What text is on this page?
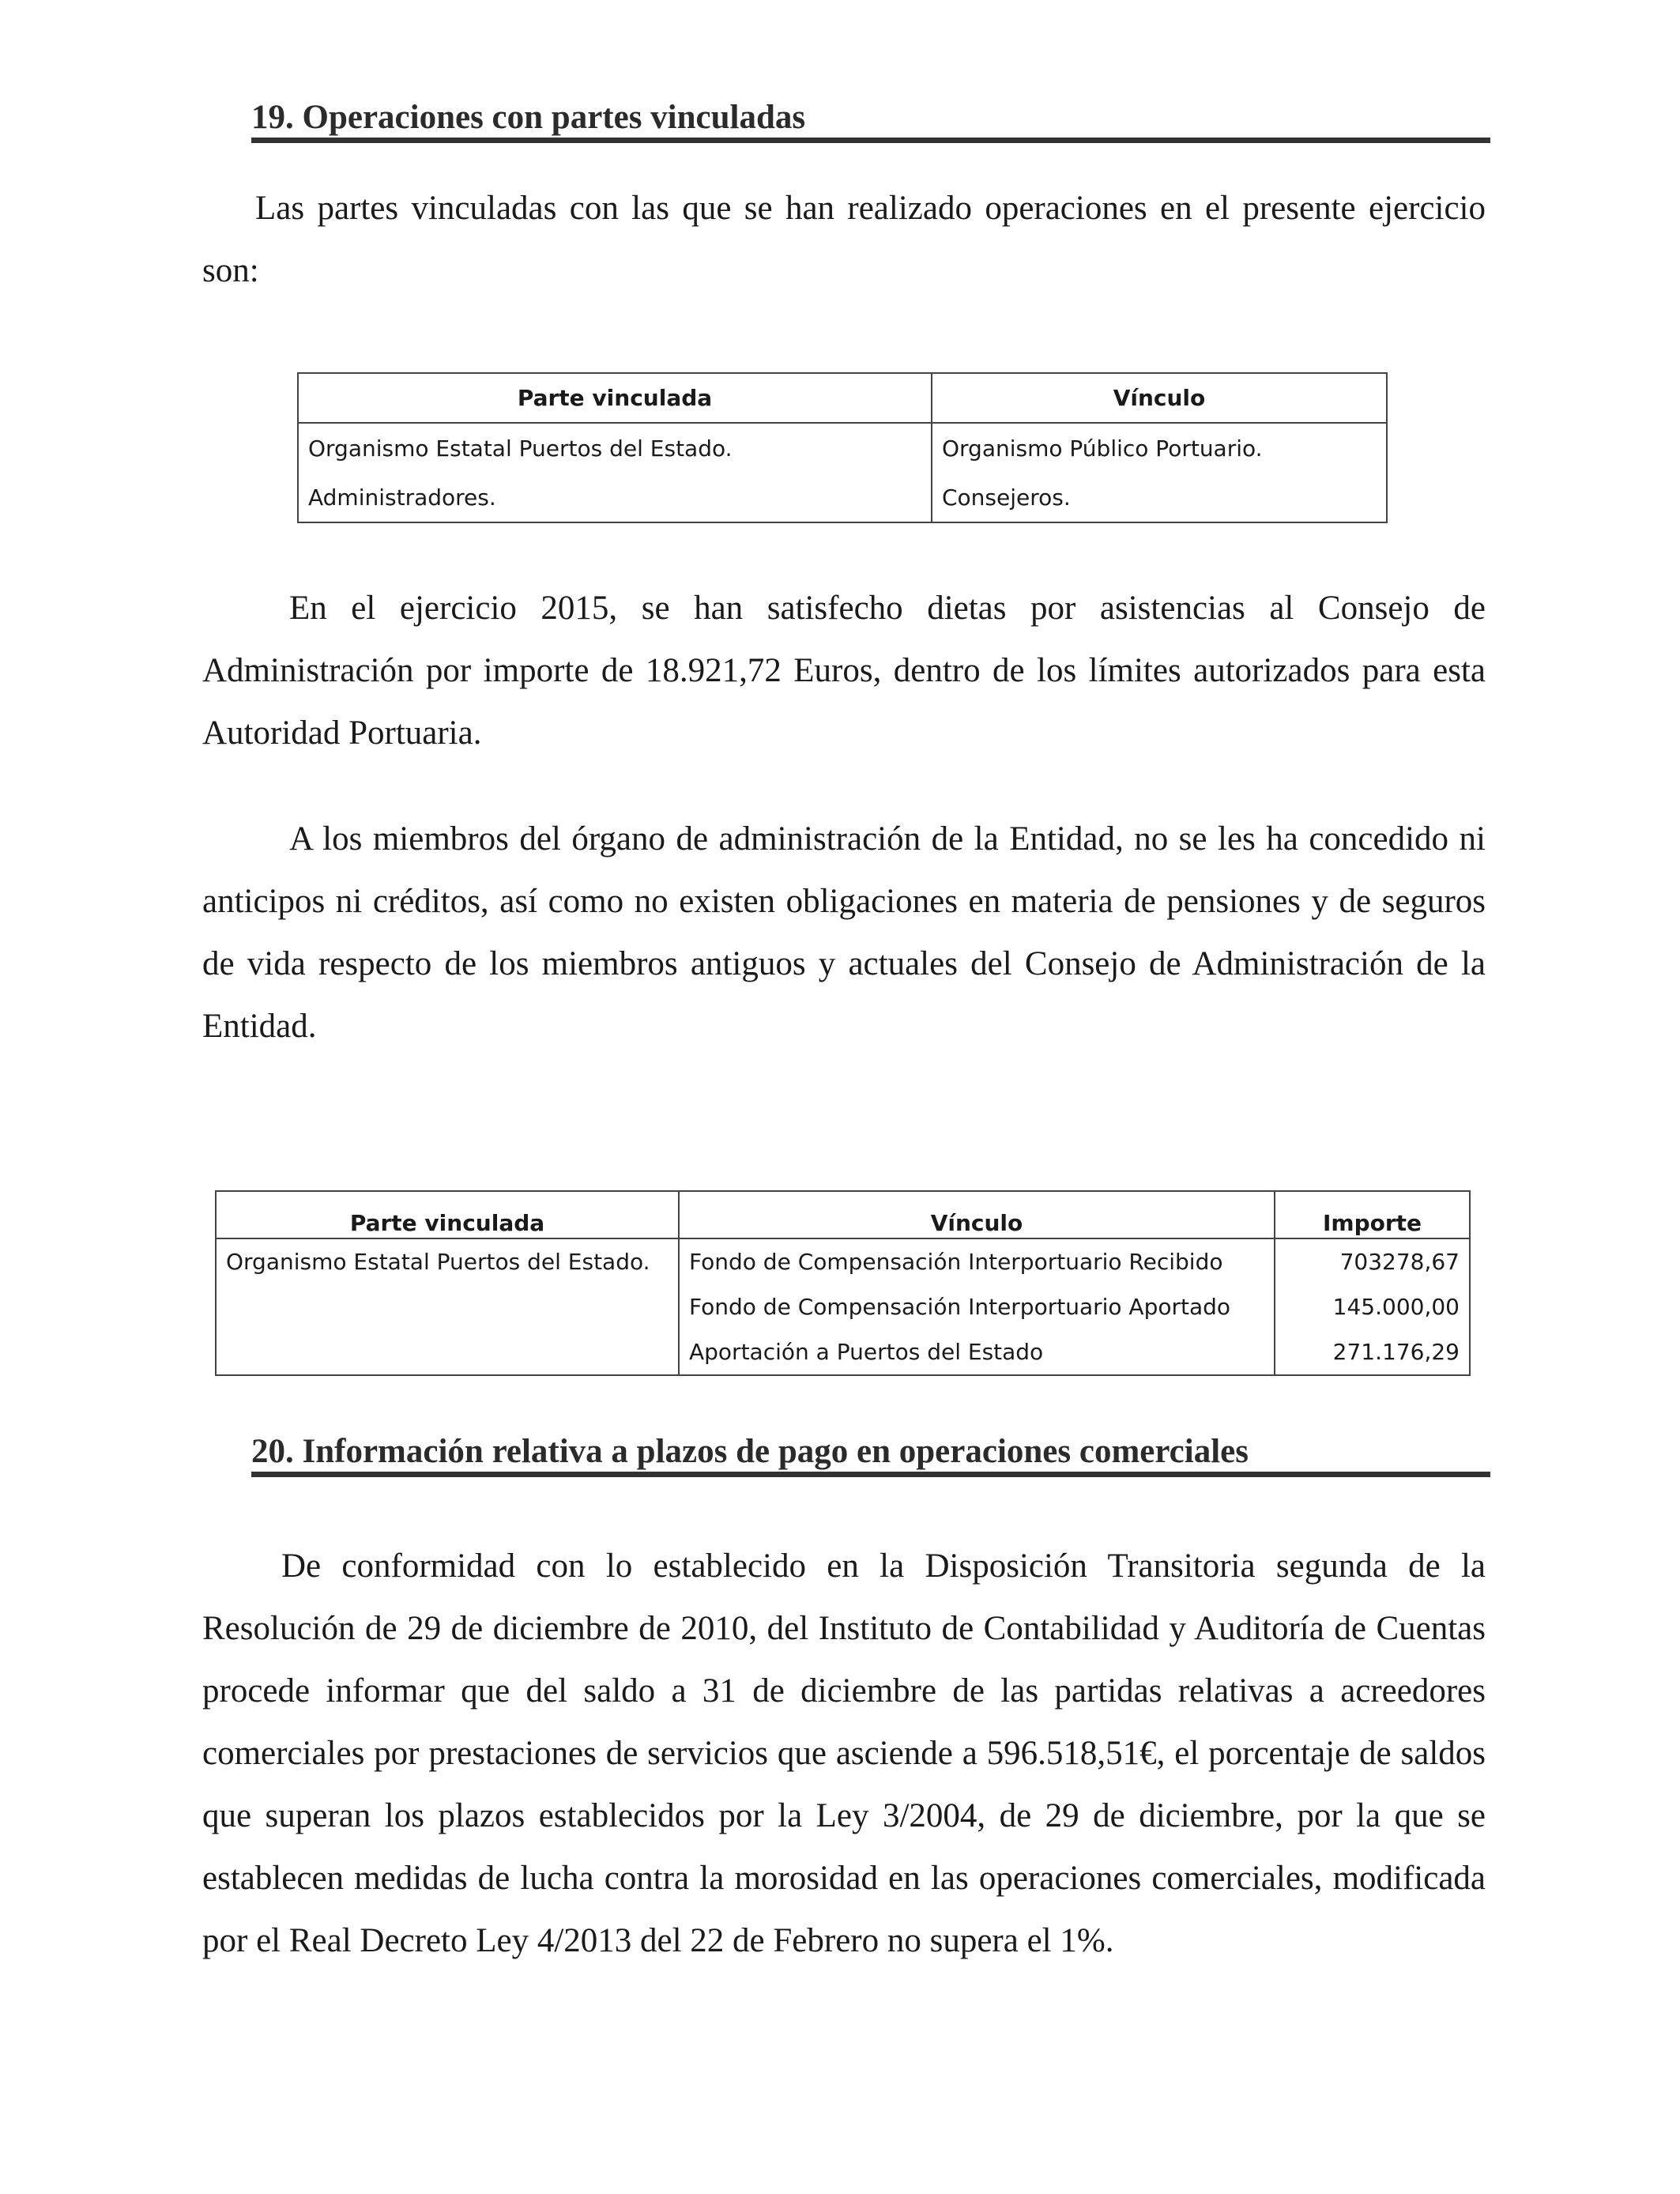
19. Operaciones con partes vinculadas

Las partes vinculadas con las que se han realizado operaciones en el presente ejercicio son:

Parte vinculada	Vínculo
Organismo Estatal Puertos del Estado.	Organismo Público Portuario.
Administradores.	Consejeros.

En el ejercicio 2015, se han satisfecho dietas por asistencias al Consejo de Administración por importe de 18.921,72 Euros, dentro de los límites autorizados para esta Autoridad Portuaria.

A los miembros del órgano de administración de la Entidad, no se les ha concedido ni anticipos ni créditos, así como no existen obligaciones en materia de pensiones y de seguros de vida respecto de los miembros antiguos y actuales del Consejo de Administración de la Entidad.

Parte vinculada	Vínculo	Importe
Organismo Estatal Puertos del Estado.	Fondo de Compensación Interportuario Recibido	703278,67
	Fondo de Compensación Interportuario Aportado	145.000,00
	Aportación a Puertos del Estado	271.176,29
20. Información relativa a plazos de pago en operaciones comerciales

De conformidad con lo establecido en la Disposición Transitoria segunda de la Resolución de 29 de diciembre de 2010, del Instituto de Contabilidad y Auditoría de Cuentas procede informar que del saldo a 31 de diciembre de las partidas relativas a acreedores comerciales por prestaciones de servicios que asciende a 596.518,51€, el porcentaje de saldos que superan los plazos establecidos por la Ley 3/2004, de 29 de diciembre, por la que se establecen medidas de lucha contra la morosidad en las operaciones comerciales, modificada por el Real Decreto Ley 4/2013 del 22 de Febrero no supera el 1%.
